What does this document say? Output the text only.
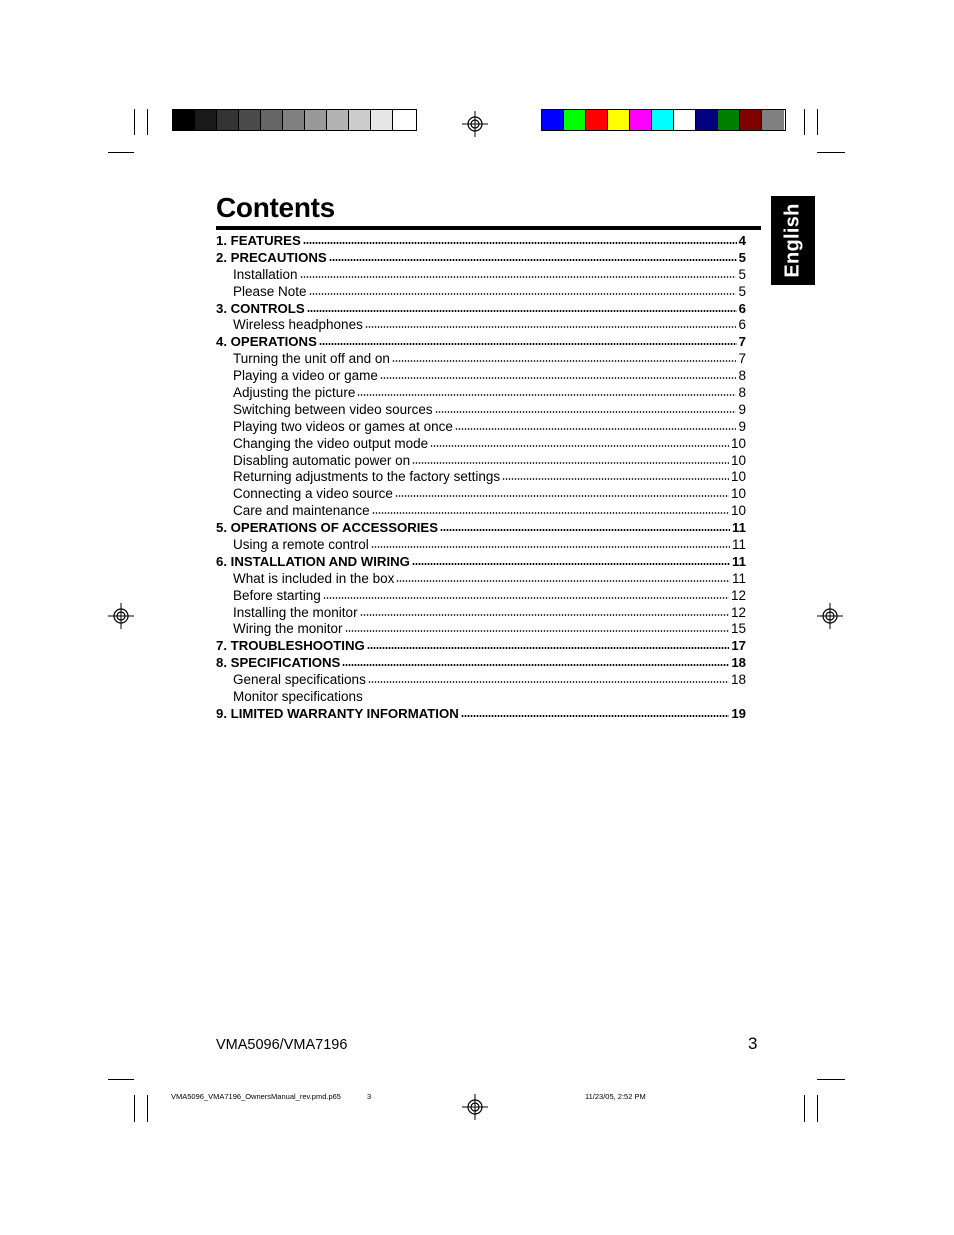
Contents	English
1. FEATURES	4
2. PRECAUTIONS	5
Installation	5
Please Note	5
3. CONTROLS	6
Wireless headphones	6
4. OPERATIONS	7
Turning the unit off and on	7
Playing a video or game	8
Adjusting the picture	8
Switching between video sources	9
Playing two videos or games at once	9
Changing the video output mode	10
Disabling automatic power on	10
Returning adjustments to the factory settings	10
Connecting a video source	10
Care and maintenance	10
5. OPERATIONS OF ACCESSORIES	11
Using a remote control	11
6. INSTALLATION AND WIRING	11
What is included in the box	11
Before starting	12
Installing the monitor	12
Wiring the monitor	15
7. TROUBLESHOOTING	17
8. SPECIFICATIONS	18
General specifications	18
Monitor specifications
9. LIMITED WARRANTY INFORMATION	19
VMA5096/VMA7196	3
VMA5096_VMA7196_OwnersManual_rev.pmd.p65	3	11/23/05, 2:52 PM
